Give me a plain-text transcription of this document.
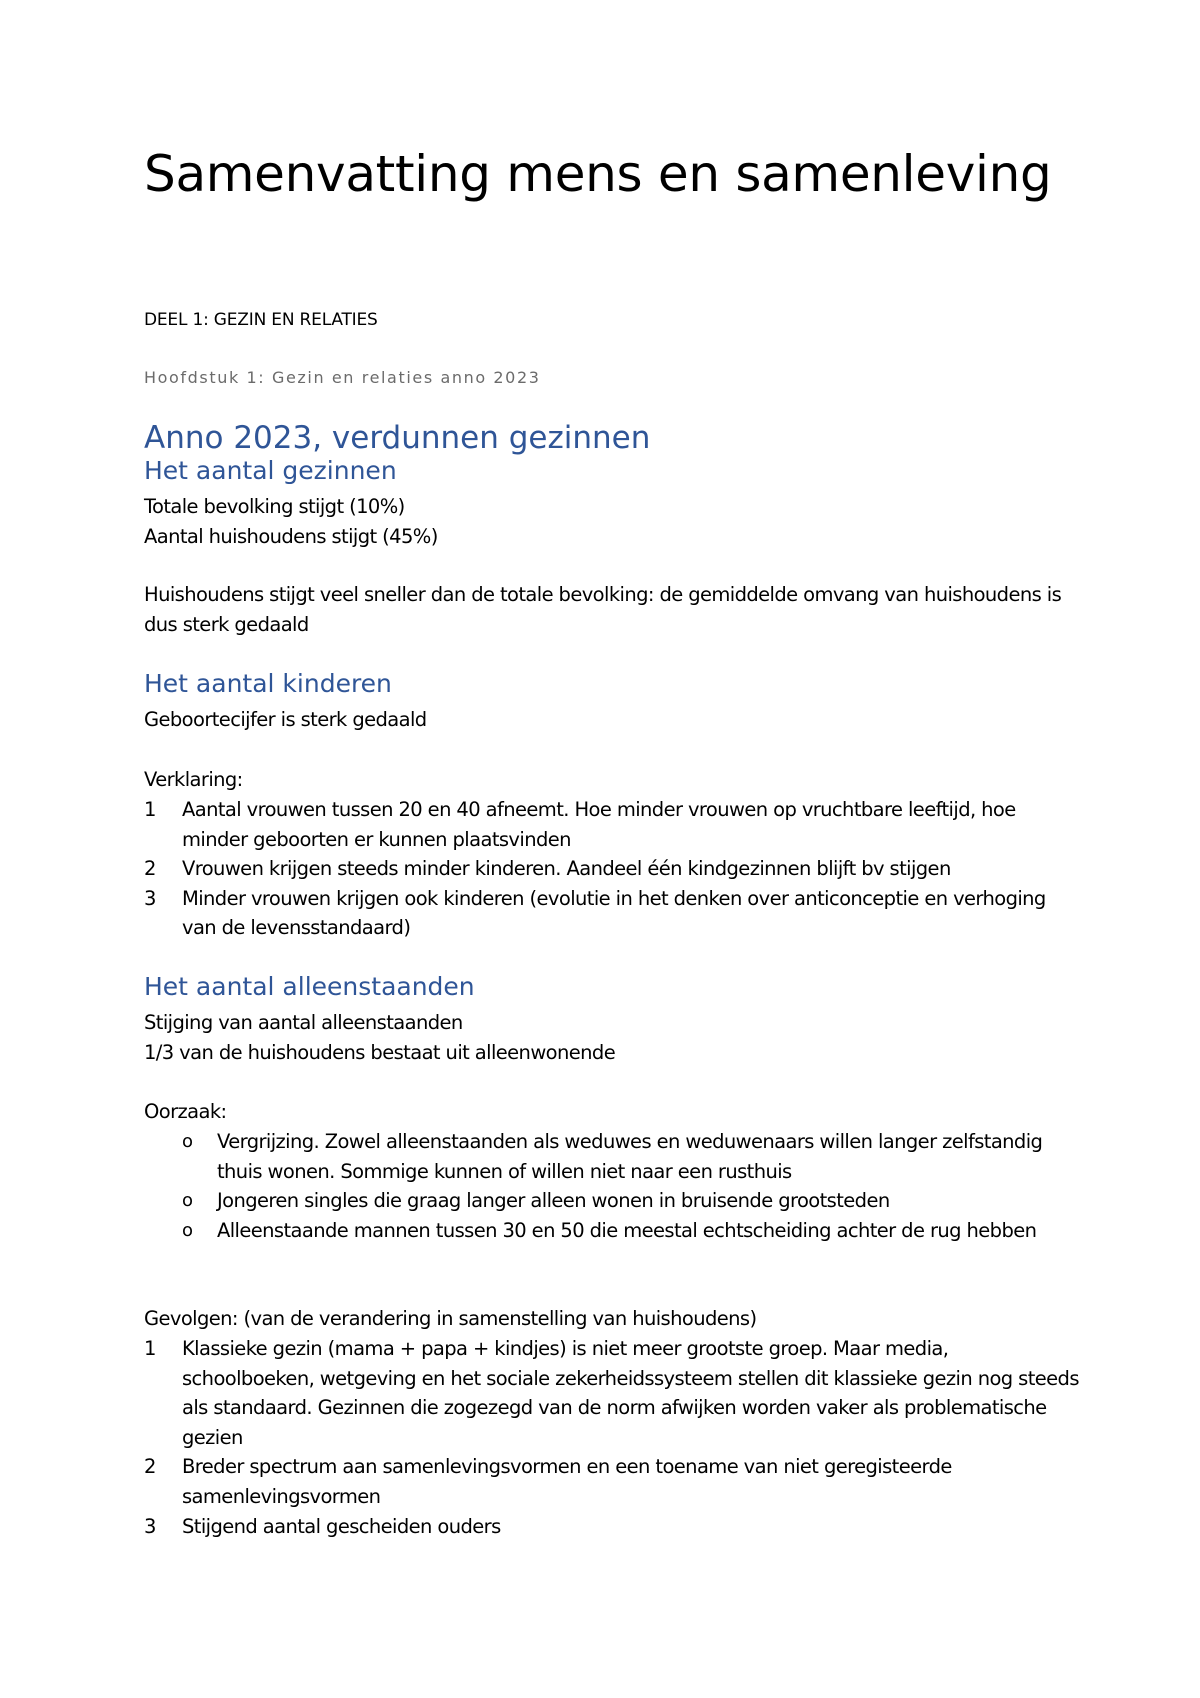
Samenvatting mens en samenleving

DEEL 1: GEZIN EN RELATIES

Hoofdstuk 1: Gezin en relaties anno 2023

Anno 2023, verdunnen gezinnen
Het aantal gezinnen

Totale bevolking stijgt (10%)

Aantal huishoudens stijgt (45%)

Huishoudens stijgt veel sneller dan de totale bevolking: de gemiddelde omvang van huishoudens is dus sterk gedaald

Het aantal kinderen

Geboortecijfer is sterk gedaald

Verklaring:

1 Aantal vrouwen tussen 20 en 40 afneemt. Hoe minder vrouwen op vruchtbare leeftijd, hoe minder geboorten er kunnen plaatsvinden
2 Vrouwen krijgen steeds minder kinderen. Aandeel één kindgezinnen blijft bv stijgen
3 Minder vrouwen krijgen ook kinderen (evolutie in het denken over anticonceptie en verhoging van de levensstandaard)
Het aantal alleenstaanden

Stijging van aantal alleenstaanden

1/3 van de huishoudens bestaat uit alleenwonende

Oorzaak:

o Vergrijzing. Zowel alleenstaanden als weduwes en weduwenaars willen langer zelfstandig thuis wonen. Sommige kunnen of willen niet naar een rusthuis
o Jongeren singles die graag langer alleen wonen in bruisende grootsteden
o Alleenstaande mannen tussen 30 en 50 die meestal echtscheiding achter de rug hebben

Gevolgen: (van de verandering in samenstelling van huishoudens)

1 Klassieke gezin (mama + papa + kindjes) is niet meer grootste groep. Maar media, schoolboeken, wetgeving en het sociale zekerheidssysteem stellen dit klassieke gezin nog steeds als standaard. Gezinnen die zogezegd van de norm afwijken worden vaker als problematische gezien
2 Breder spectrum aan samenlevingsvormen en een toename van niet geregisteerde samenlevingsvormen
3 Stijgend aantal gescheiden ouders
